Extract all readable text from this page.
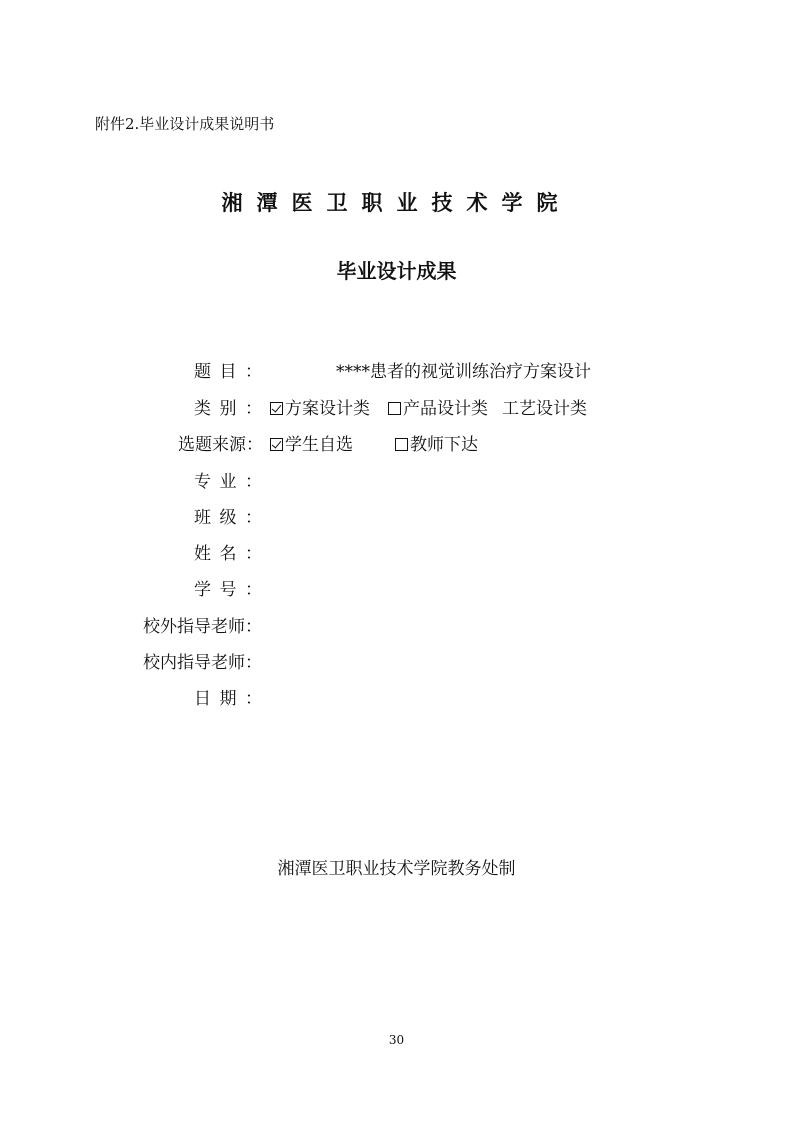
附件2.毕业设计成果说明书
湘潭医卫职业技术学院
毕业设计成果
题目：	****患者的视觉训练治疗方案设计
类别：	方案设计类 产品设计类 工艺设计类
选题来源：	学生自选	教师下达
专业：
班级：
姓名：
学号：
校外指导老师：
校内指导老师：
日期：
湘潭医卫职业技术学院教务处制
30
